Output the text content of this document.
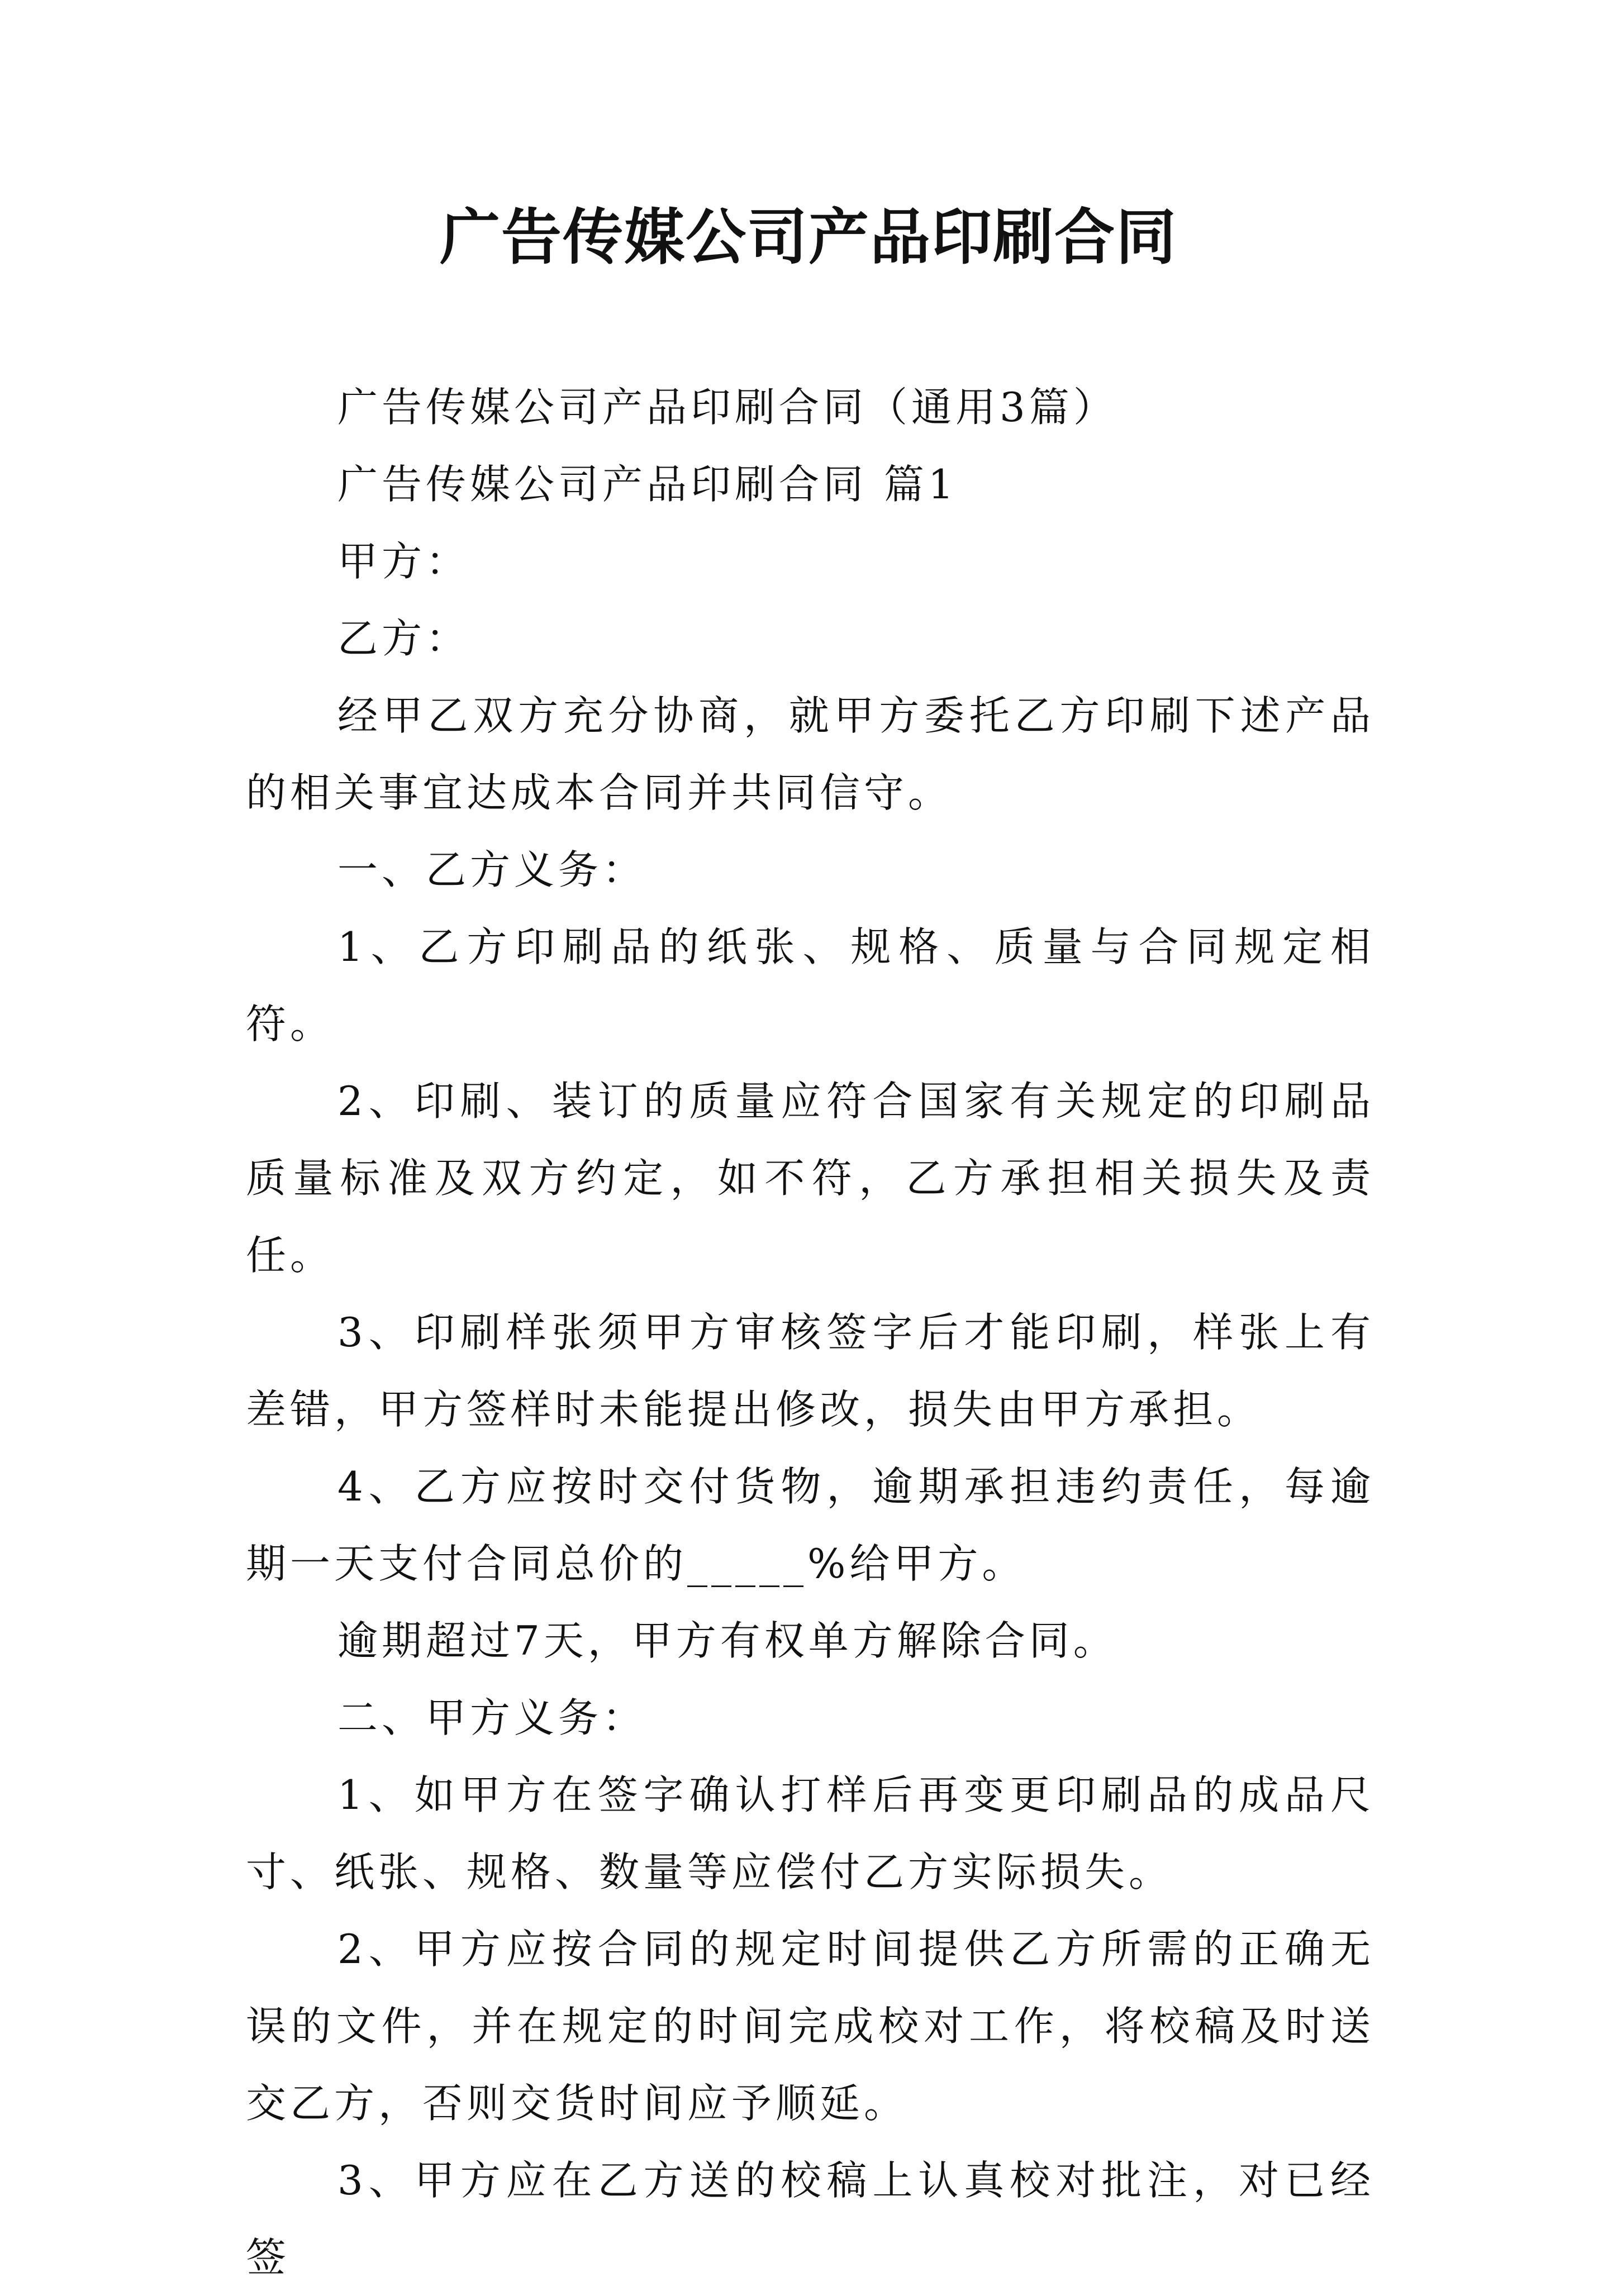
广告传媒公司产品印刷合同

广告传媒公司产品印刷合同（通用3篇）

广告传媒公司产品印刷合同 篇1

甲方：

乙方：

经甲乙双方充分协商，就甲方委托乙方印刷下述产品的相关事宜达成本合同并共同信守。

一、乙方义务：

1、乙方印刷品的纸张、规格、质量与合同规定相符。

2、印刷、装订的质量应符合国家有关规定的印刷品质量标准及双方约定，如不符，乙方承担相关损失及责任。

3、印刷样张须甲方审核签字后才能印刷，样张上有差错，甲方签样时未能提出修改，损失由甲方承担。

4、乙方应按时交付货物，逾期承担违约责任，每逾期一天支付合同总价的_____%给甲方。

逾期超过7天，甲方有权单方解除合同。

二、甲方义务：

1、如甲方在签字确认打样后再变更印刷品的成品尺寸、纸张、规格、数量等应偿付乙方实际损失。

2、甲方应按合同的规定时间提供乙方所需的正确无误的文件，并在规定的时间完成校对工作，将校稿及时送交乙方，否则交货时间应予顺延。

3、甲方应在乙方送的校稿上认真校对批注，对已经签
